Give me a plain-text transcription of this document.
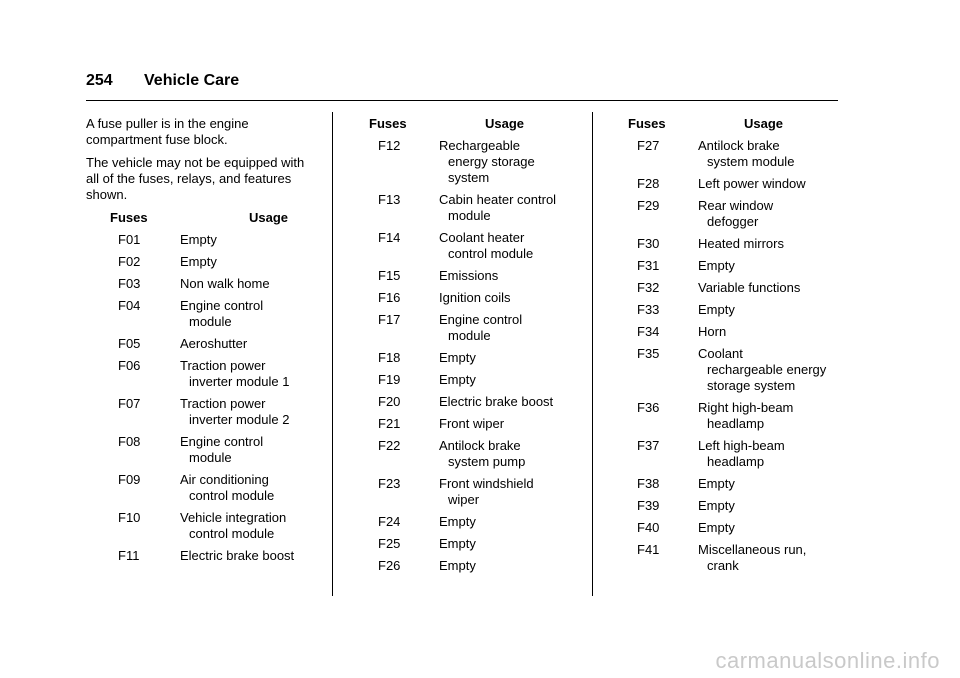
254 Vehicle Care

A fuse puller is in the engine compartment fuse block.

The vehicle may not be equipped with all of the fuses, relays, and features shown.

Fuses	Usage
F01	Empty
F02	Empty
F03	Non walk home
F04	Engine control
module
F05	Aeroshutter
F06	Traction power
inverter module 1
F07	Traction power
inverter module 2
F08	Engine control
module
F09	Air conditioning
control module
F10	Vehicle integration
control module
F11	Electric brake boost
Fuses	Usage
F12	Rechargeable
energy storage
system
F13	Cabin heater control
module
F14	Coolant heater
control module
F15	Emissions
F16	Ignition coils
F17	Engine control
module
F18	Empty
F19	Empty
F20	Electric brake boost
F21	Front wiper
F22	Antilock brake
system pump
F23	Front windshield
wiper
F24	Empty
F25	Empty
F26	Empty
Fuses	Usage
F27	Antilock brake
system module
F28	Left power window
F29	Rear window
defogger
F30	Heated mirrors
F31	Empty
F32	Variable functions
F33	Empty
F34	Horn
F35	Coolant
rechargeable energy
storage system
F36	Right high-beam
headlamp
F37	Left high-beam
headlamp
F38	Empty
F39	Empty
F40	Empty
F41	Miscellaneous run,
crank
carmanualsonline.info
